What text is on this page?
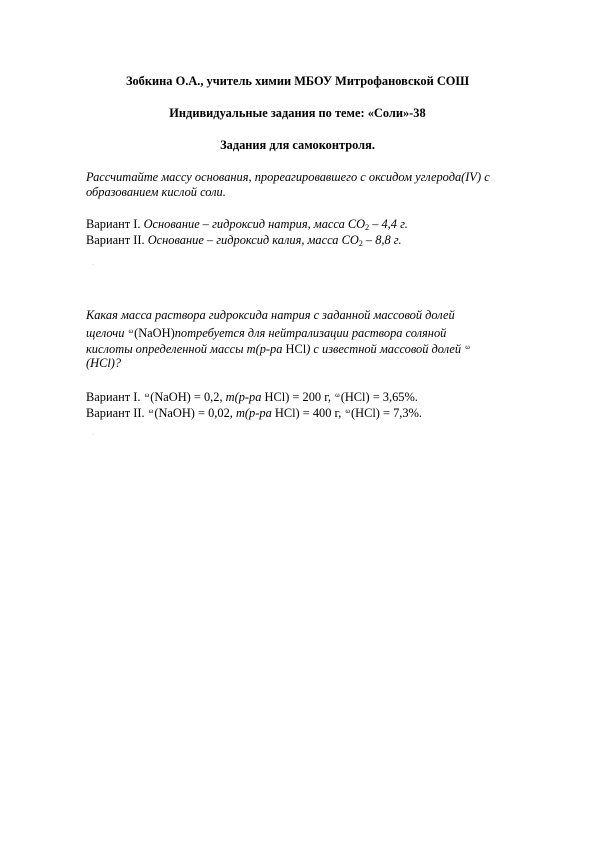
Зобкина О.А., учитель химии МБОУ Митрофановской СОШ
Индивидуальные задания по теме: «Соли»-38
Задания для самоконтроля.
Рассчитайте массу основания, прореагировавшего с оксидом углерода(IV) с
образованием кислой соли.
Вариант I. Основание – гидроксид натрия, масса $CO_2 - 4,4$ г.
Вариант II. Основание – гидроксид калия, масса $CO_2 - 8,8$ г.
·
Какая масса раствора гидроксида натрия с заданной массовой долей
щелочи ω(NaOH)потребуется для нейтрализации раствора соляной
кислоты определенной массы m(р-ра HCl) с известной массовой долей ω
(HCl)?
Вариант I. ω(NaOH) = 0,2, m(р-ра HCl) = 200 г, ω(HCl) = 3,65%.
Вариант II. ω(NaOH) = 0,02, m(р-ра HCl) = 400 г, ω(HCl) = 7,3%.
·
